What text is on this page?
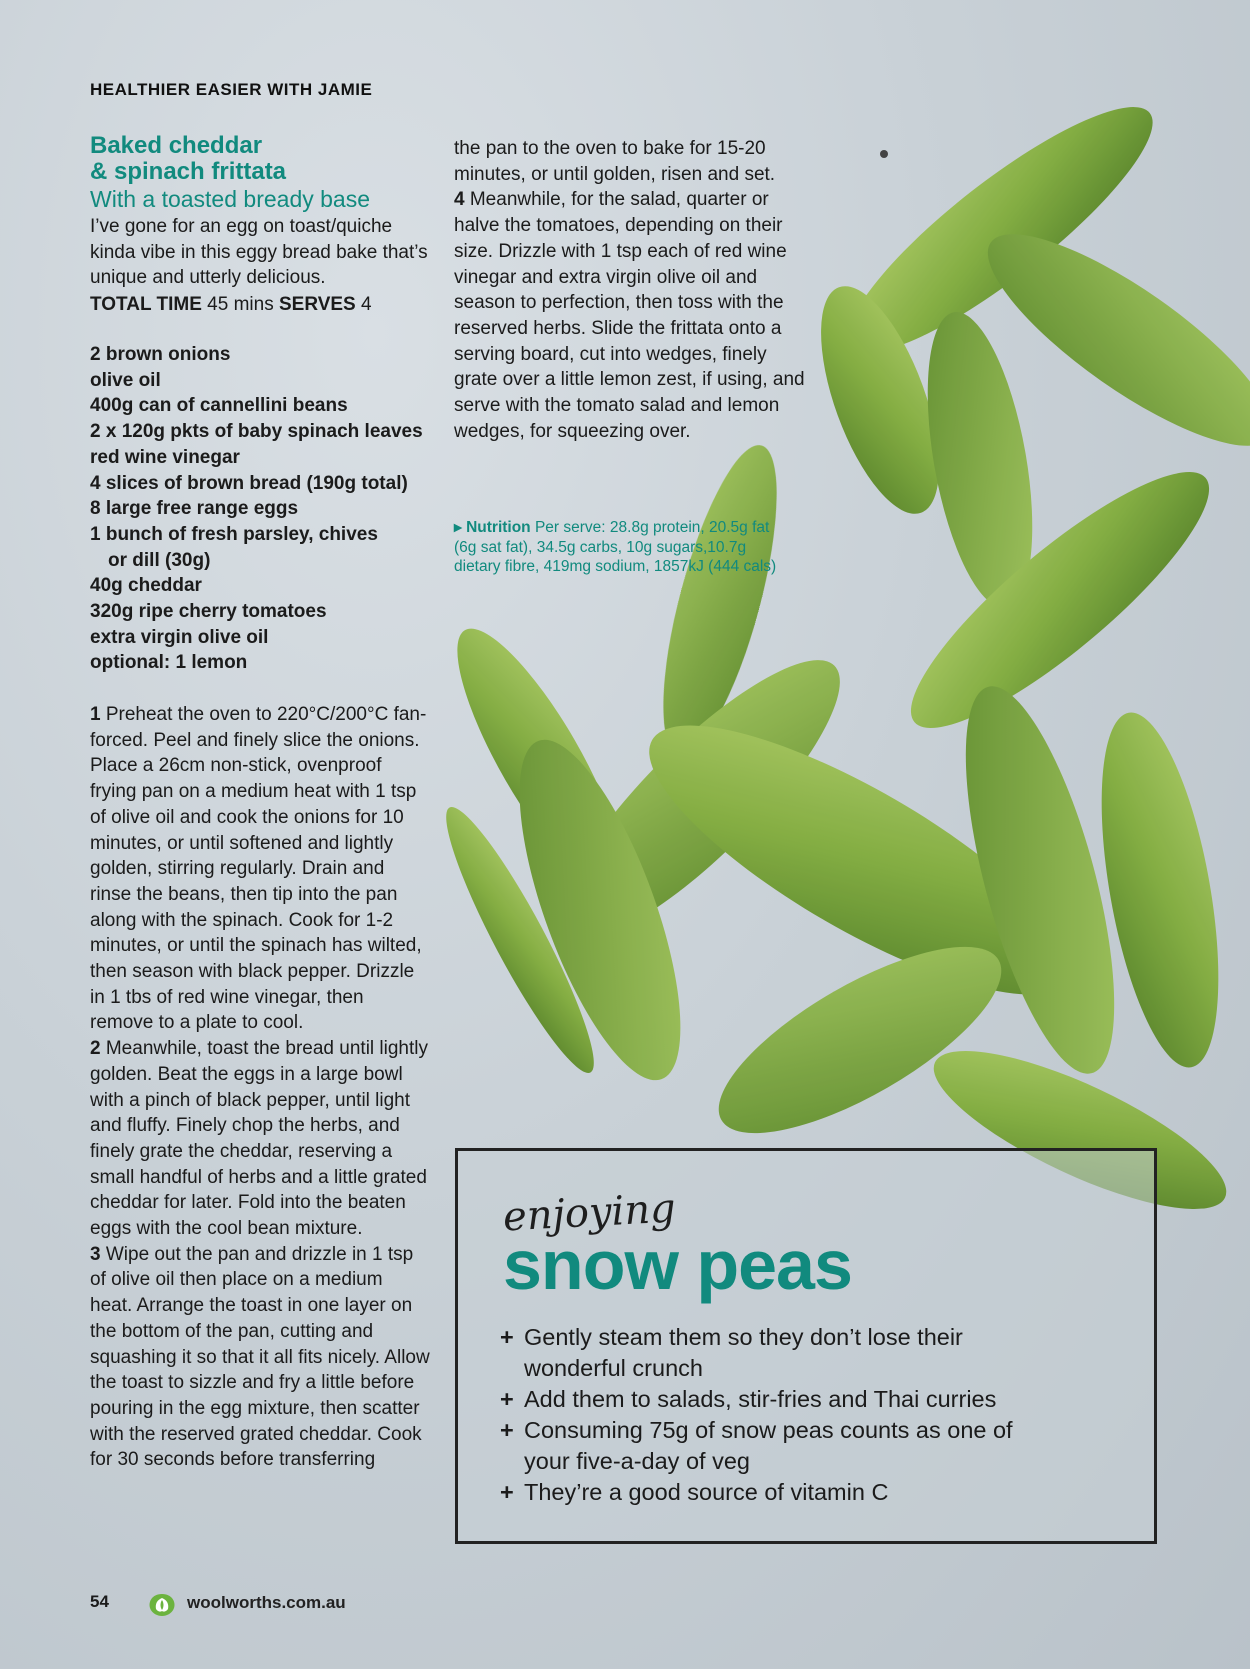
HEALTHIER EASIER WITH JAMIE
Baked cheddar
& spinach frittata
With a toasted bready base
I’ve gone for an egg on toast/quiche kinda vibe in this eggy bread bake that’s unique and utterly delicious.
TOTAL TIME 45 mins SERVES 4
2 brown onions
olive oil
400g can of cannellini beans
2 x 120g pkts of baby spinach leaves
red wine vinegar
4 slices of brown bread (190g total)
8 large free range eggs
1 bunch of fresh parsley, chives
or dill (30g)
40g cheddar
320g ripe cherry tomatoes
extra virgin olive oil
optional: 1 lemon
1 Preheat the oven to 220°C/200°C fan-forced. Peel and finely slice the onions. Place a 26cm non-stick, ovenproof frying pan on a medium heat with 1 tsp of olive oil and cook the onions for 10 minutes, or until softened and lightly golden, stirring regularly. Drain and rinse the beans, then tip into the pan along with the spinach. Cook for 1-2 minutes, or until the spinach has wilted, then season with black pepper. Drizzle in 1 tbs of red wine vinegar, then remove to a plate to cool.
2 Meanwhile, toast the bread until lightly golden. Beat the eggs in a large bowl with a pinch of black pepper, until light and fluffy. Finely chop the herbs, and finely grate the cheddar, reserving a small handful of herbs and a little grated cheddar for later. Fold into the beaten eggs with the cool bean mixture.
3 Wipe out the pan and drizzle in 1 tsp of olive oil then place on a medium heat. Arrange the toast in one layer on the bottom of the pan, cutting and squashing it so that it all fits nicely. Allow the toast to sizzle and fry a little before pouring in the egg mixture, then scatter with the reserved grated cheddar. Cook for 30 seconds before transferring
the pan to the oven to bake for 15-20 minutes, or until golden, risen and set.
4 Meanwhile, for the salad, quarter or halve the tomatoes, depending on their size. Drizzle with 1 tsp each of red wine vinegar and extra virgin olive oil and season to perfection, then toss with the reserved herbs. Slide the frittata onto a serving board, cut into wedges, finely grate over a little lemon zest, if using, and serve with the tomato salad and lemon wedges, for squeezing over.
▸ Nutrition Per serve: 28.8g protein, 20.5g fat (6g sat fat), 34.5g carbs, 10g sugars,10.7g dietary fibre, 419mg sodium, 1857kJ (444 cals)
enjoying
snow peas
+ Gently steam them so they don’t lose their wonderful crunch
+ Add them to salads, stir-fries and Thai curries
+ Consuming 75g of snow peas counts as one of your five-a-day of veg
+ They’re a good source of vitamin C
54	woolworths.com.au
